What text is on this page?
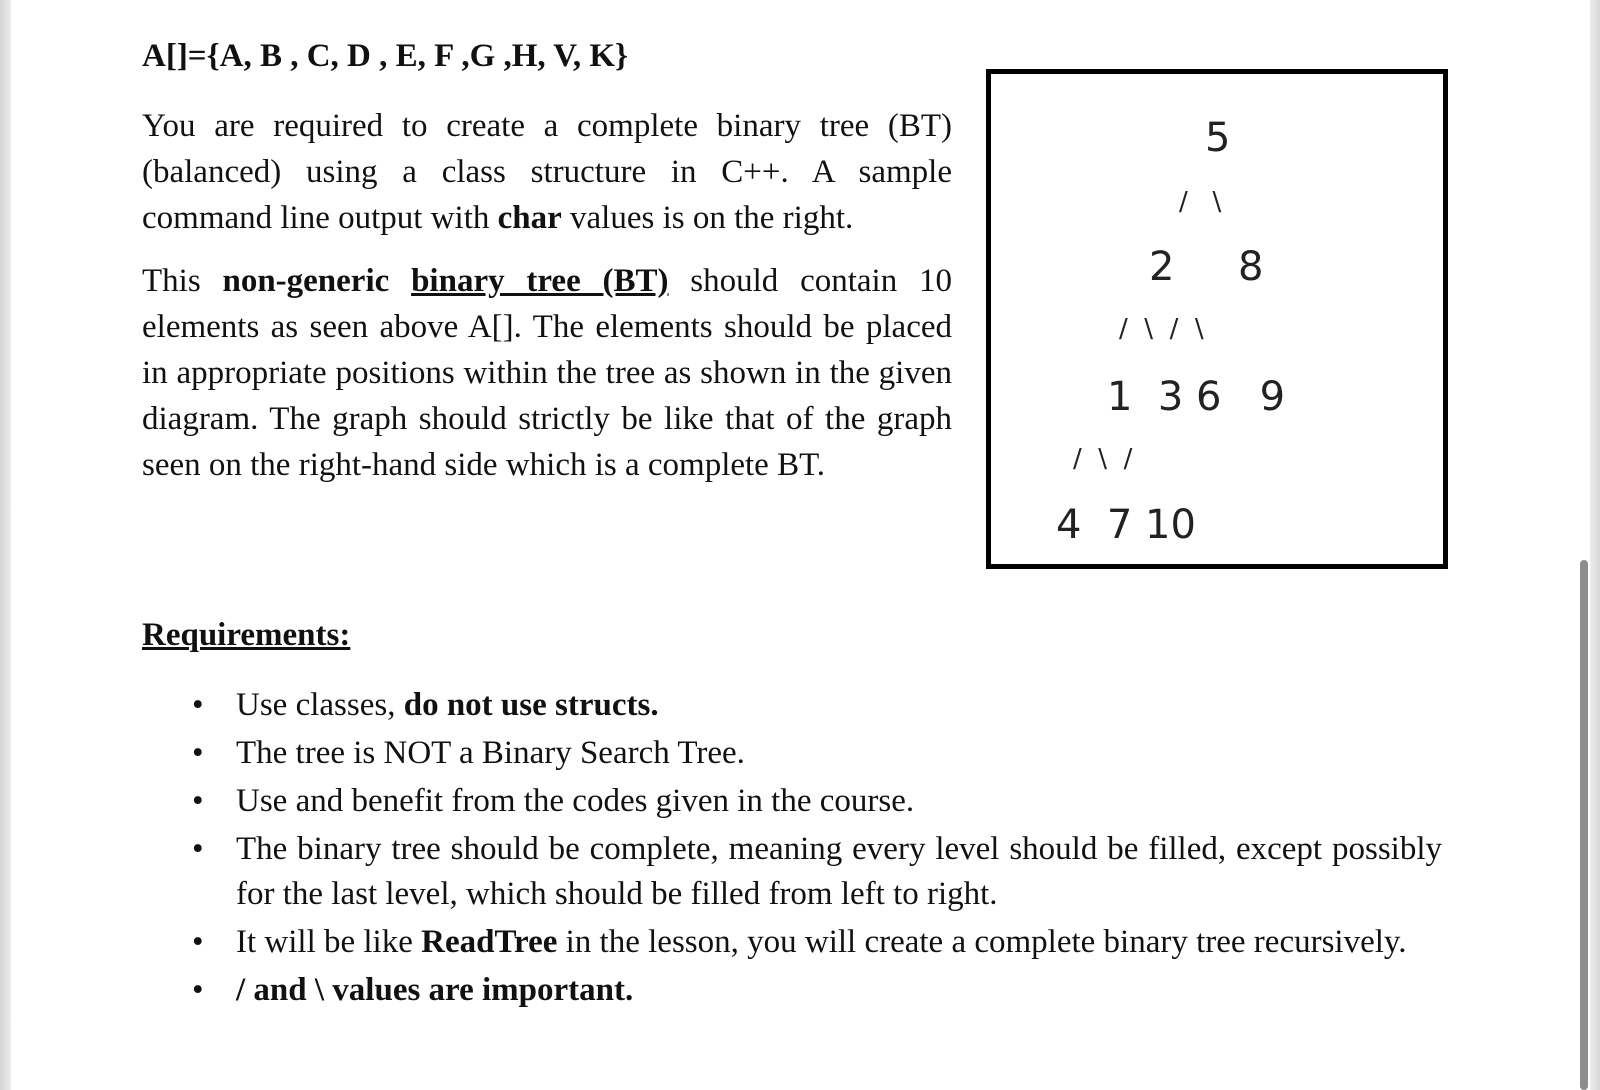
A[]={A, B , C, D , E, F ,G ,H, V, K}

You are required to create a complete binary tree (BT) (balanced) using a class structure in C++. A sample command line output with char values is on the right.

This non-generic binary tree (BT) should contain 10 elements as seen above A[]. The elements should be placed in appropriate positions within the tree as shown in the given diagram. The graph should strictly be like that of the graph seen on the right-hand side which is a complete BT.

5
/   \
2     8
/  \  /  \
1  3 6   9
/  \  /
4  7 10
Requirements:
• Use classes, do not use structs.
• The tree is NOT a Binary Search Tree.
• Use and benefit from the codes given in the course.
• The binary tree should be complete, meaning every level should be filled, except possibly for the last level, which should be filled from left to right.
• It will be like ReadTree in the lesson, you will create a complete binary tree recursively.
• / and \ values are important.
